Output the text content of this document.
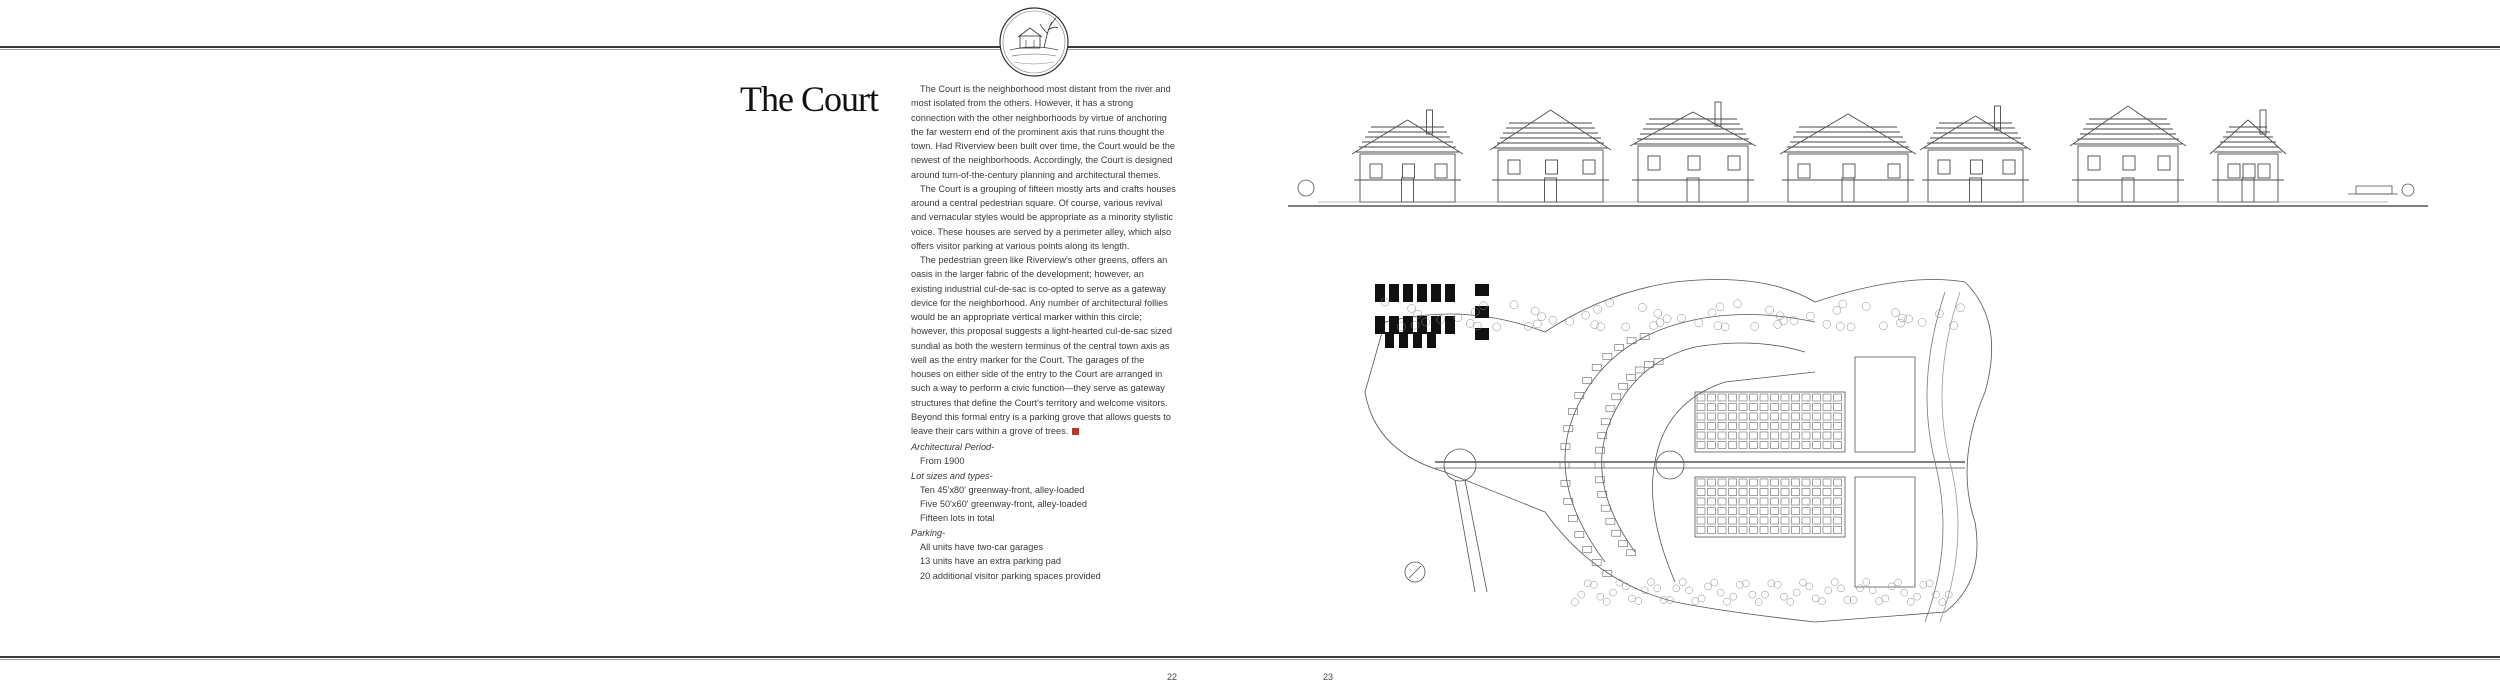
The Court	The Court is the neighborhood most distant from the river and most isolated from the others. However, it has a strong connection with the other neighborhoods by virtue of anchoring the far western end of the prominent axis that runs thought the town. Had Riverview been built over time, the Court would be the newest of the neighborhoods. Accordingly, the Court is designed around turn-of-the-century planning and architectural themes.

The Court is a grouping of fifteen mostly arts and crafts houses around a central pedestrian square. Of course, various revival and vernacular styles would be appropriate as a minority stylistic voice. These houses are served by a perimeter alley, which also offers visitor parking at various points along its length.

The pedestrian green like Riverview's other greens, offers an oasis in the larger fabric of the development; however, an existing industrial cul-de-sac is co-opted to serve as a gateway device for the neighborhood. Any number of architectural follies would be an appropriate vertical marker within this circle; however, this proposal suggests a light-hearted cul-de-sac sized sundial as both the western terminus of the central town axis as well as the entry marker for the Court. The garages of the houses on either side of the entry to the Court are arranged in such a way to perform a civic function—they serve as gateway structures that define the Court's territory and welcome visitors. Beyond this formal entry is a parking grove that allows guests to leave their cars within a grove of trees.

Architectural Period-
From 1900
Lot sizes and types-
Ten 45'x80' greenway-front, alley-loaded
Five 50'x60' greenway-front, alley-loaded
Fifteen lots in total
Parking-
All units have two-car garages
13 units have an extra parking pad
20 additional visitor parking spaces provided
22	23
